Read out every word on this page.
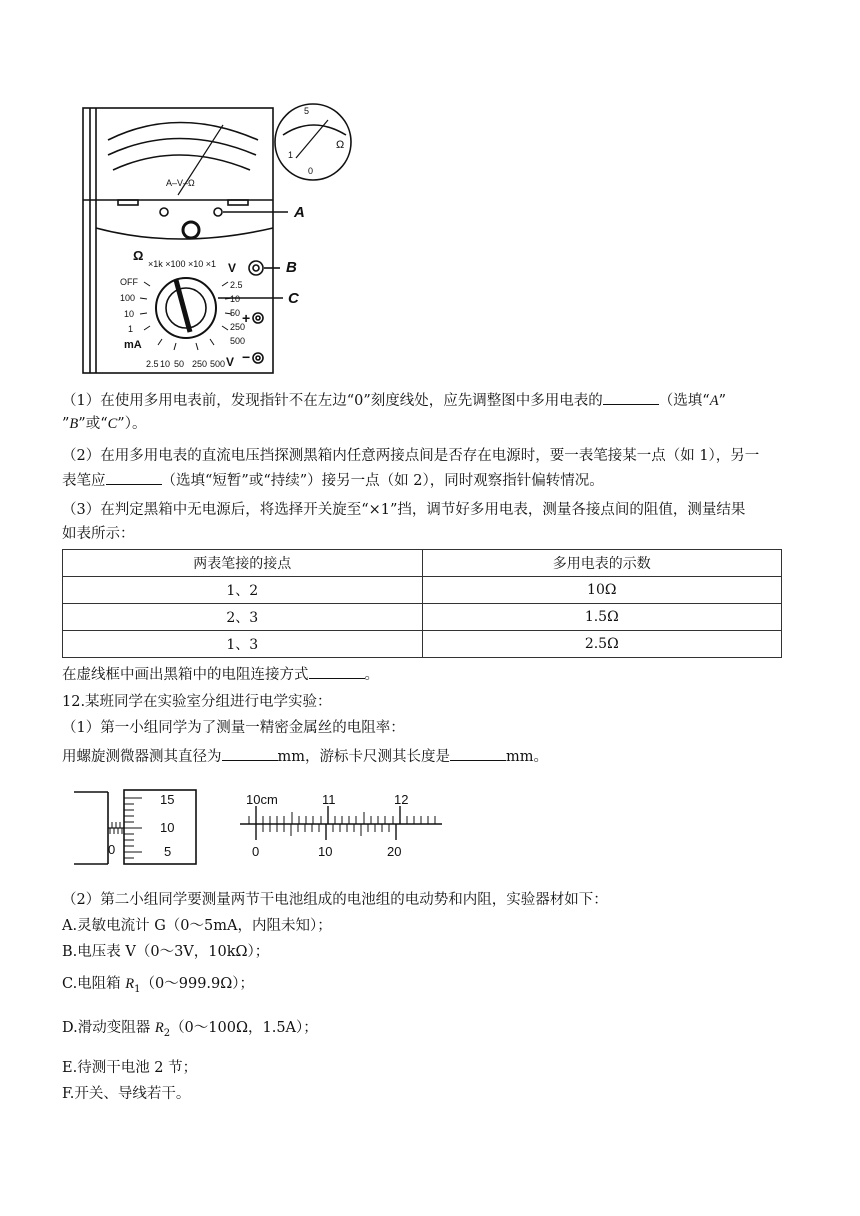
×1k ×100 ×10 ×1
Ω
V
OFF
100
10
1
mA
2.5
10
50
250
500
2.5 10 50 250 500 V
+
−
A–V–Ω
5
1
Ω
0
A
B
C
（1）在使用多用电表前，发现指针不在左边“0”刻度线处，应先调整图中多用电表的	（选填“A”
”B”或“C”）。
（2）在用多用电表的直流电压挡探测黑箱内任意两接点间是否存在电源时，要一表笔接某一点（如 1），另一
表笔应	（选填“短暂”或“持续”）接另一点（如 2），同时观察指针偏转情况。
（3）在判定黑箱中无电源后，将选择开关旋至“×1”挡，调节好多用电表，测量各接点间的阻值，测量结果
如表所示：
两表笔接的接点	多用电表的示数
1、2	10Ω
2、3	1.5Ω
1、3	2.5Ω
在虚线框中画出黑箱中的电阻连接方式	。
12.某班同学在实验室分组进行电学实验：
（1）第一小组同学为了测量一精密金属丝的电阻率：
用螺旋测微器测其直径为	mm，游标卡尺测其长度是	mm。
15
10
5
0
10cm	11	12
0	10	20
（2）第二小组同学要测量两节干电池组成的电池组的电动势和内阻，实验器材如下：
A.灵敏电流计 G（0～5mA，内阻未知）；
B.电压表 V（0～3V，10kΩ）；
C.电阻箱 $R_1(0\sim 999.9\Omega)$；
D.滑动变阻器 $R_2(0\sim 100\Omega$，1.5A）；
E.待测干电池 2 节；
F.开关、导线若干。
